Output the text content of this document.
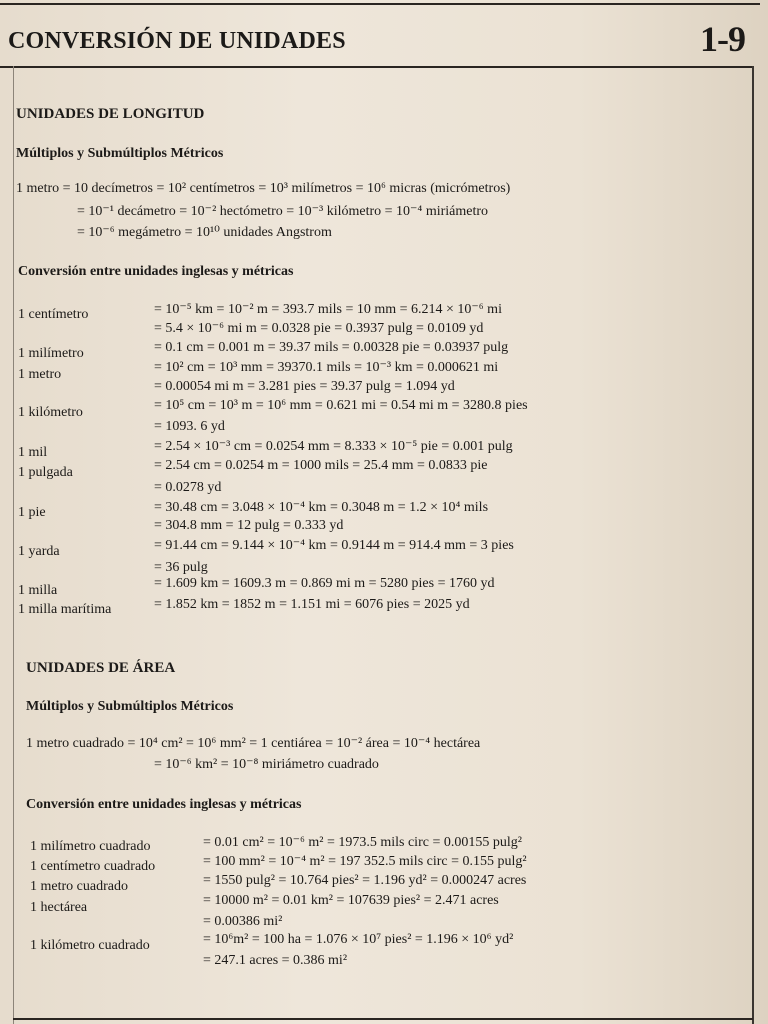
CONVERSIÓN DE UNIDADES	1-9
UNIDADES DE LONGITUD
Múltiplos y Submúltiplos Métricos
1 metro = 10 decímetros = 10² centímetros = 10³ milímetros = 10⁶ micras (micrómetros)
= 10⁻¹ decámetro = 10⁻² hectómetro = 10⁻³ kilómetro = 10⁻⁴ miriámetro
= 10⁻⁶ megámetro = 10¹⁰ unidades Angstrom
Conversión entre unidades inglesas y métricas
1 centímetro
1 milímetro
1 metro
1 kilómetro
1 mil
1 pulgada
1 pie
1 yarda
1 milla
1 milla marítima
= 10⁻⁵ km = 10⁻² m = 393.7 mils = 10 mm = 6.214 × 10⁻⁶ mi
= 5.4 × 10⁻⁶ mi m = 0.0328 pie = 0.3937 pulg = 0.0109 yd
= 0.1 cm = 0.001 m = 39.37 mils = 0.00328 pie = 0.03937 pulg
= 10² cm = 10³ mm = 39370.1 mils = 10⁻³ km = 0.000621 mi
= 0.00054 mi m = 3.281 pies = 39.37 pulg = 1.094 yd
= 10⁵ cm = 10³ m = 10⁶ mm = 0.621 mi = 0.54 mi m = 3280.8 pies
= 1093. 6 yd
= 2.54 × 10⁻³ cm = 0.0254 mm = 8.333 × 10⁻⁵ pie = 0.001 pulg
= 2.54 cm = 0.0254 m = 1000 mils = 25.4 mm = 0.0833 pie
= 0.0278 yd
= 30.48 cm = 3.048 × 10⁻⁴ km = 0.3048 m = 1.2 × 10⁴ mils
= 304.8 mm = 12 pulg = 0.333 yd
= 91.44 cm = 9.144 × 10⁻⁴ km = 0.9144 m = 914.4 mm = 3 pies
= 36 pulg
= 1.609 km = 1609.3 m = 0.869 mi m = 5280 pies = 1760 yd
= 1.852 km = 1852 m = 1.151 mi = 6076 pies = 2025 yd
UNIDADES DE ÁREA
Múltiplos y Submúltiplos Métricos
1 metro cuadrado = 10⁴ cm² = 10⁶ mm² = 1 centiárea = 10⁻² área = 10⁻⁴ hectárea
= 10⁻⁶ km² = 10⁻⁸ miriámetro cuadrado
Conversión entre unidades inglesas y métricas
1 milímetro cuadrado
1 centímetro cuadrado
1 metro cuadrado
1 hectárea
1 kilómetro cuadrado
= 0.01 cm² = 10⁻⁶ m² = 1973.5 mils circ = 0.00155 pulg²
= 100 mm² = 10⁻⁴ m² = 197 352.5 mils circ = 0.155 pulg²
= 1550 pulg² = 10.764 pies² = 1.196 yd² = 0.000247 acres
= 10000 m² = 0.01 km² = 107639 pies² = 2.471 acres
= 0.00386 mi²
= 10⁶m² = 100 ha = 1.076 × 10⁷ pies² = 1.196 × 10⁶ yd²
= 247.1 acres = 0.386 mi²
